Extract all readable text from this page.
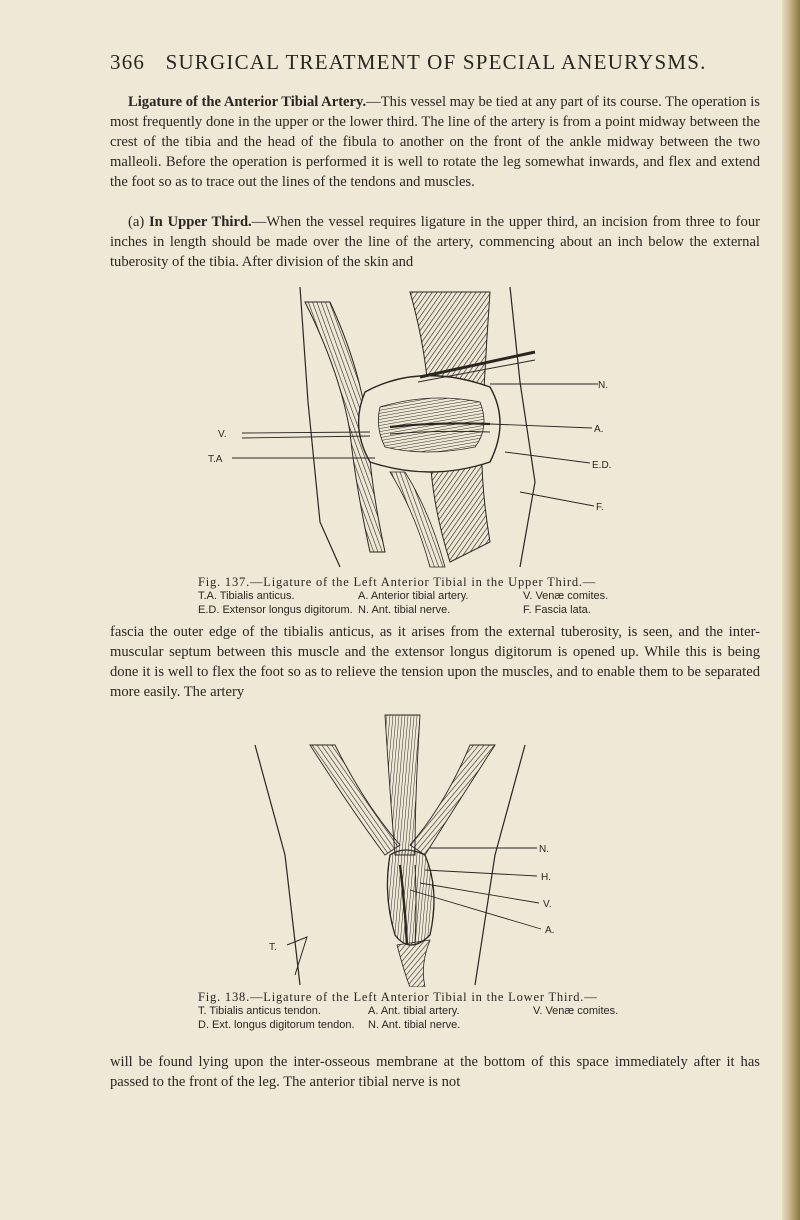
366 SURGICAL TREATMENT OF SPECIAL ANEURYSMS.
Ligature of the Anterior Tibial Artery.—This vessel may be tied at any part of its course. The operation is most frequently done in the upper or the lower third. The line of the artery is from a point midway between the crest of the tibia and the head of the fibula to another on the front of the ankle midway between the two malleoli. Before the operation is performed it is well to rotate the leg somewhat inwards, and flex and extend the foot so as to trace out the lines of the tendons and muscles.
(a) In Upper Third.—When the vessel requires ligature in the upper third, an incision from three to four inches in length should be made over the line of the artery, commencing about an inch below the external tuberosity of the tibia. After division of the skin and
V.
T.A
N.
A.
E.D.
F.
Fig. 137.—Ligature of the Left Anterior Tibial in the Upper Third.—
T.A. Tibialis anticus.	A. Anterior tibial artery.	V. Venæ comites.
E.D. Extensor longus digitorum. N. Ant. tibial nerve.	F. Fascia lata.
fascia the outer edge of the tibialis anticus, as it arises from the external tuberosity, is seen, and the inter-muscular septum between this muscle and the extensor longus digitorum is opened up. While this is being done it is well to flex the foot so as to relieve the tension upon the muscles, and to enable them to be separated more easily. The artery
T.
N.
H.
V.
A.
Fig. 138.—Ligature of the Left Anterior Tibial in the Lower Third.—
T. Tibialis anticus tendon.	A. Ant. tibial artery.	V. Venæ comites.
D. Ext. longus digitorum tendon.	N. Ant. tibial nerve.
will be found lying upon the inter-osseous membrane at the bottom of this space immediately after it has passed to the front of the leg. The anterior tibial nerve is not
